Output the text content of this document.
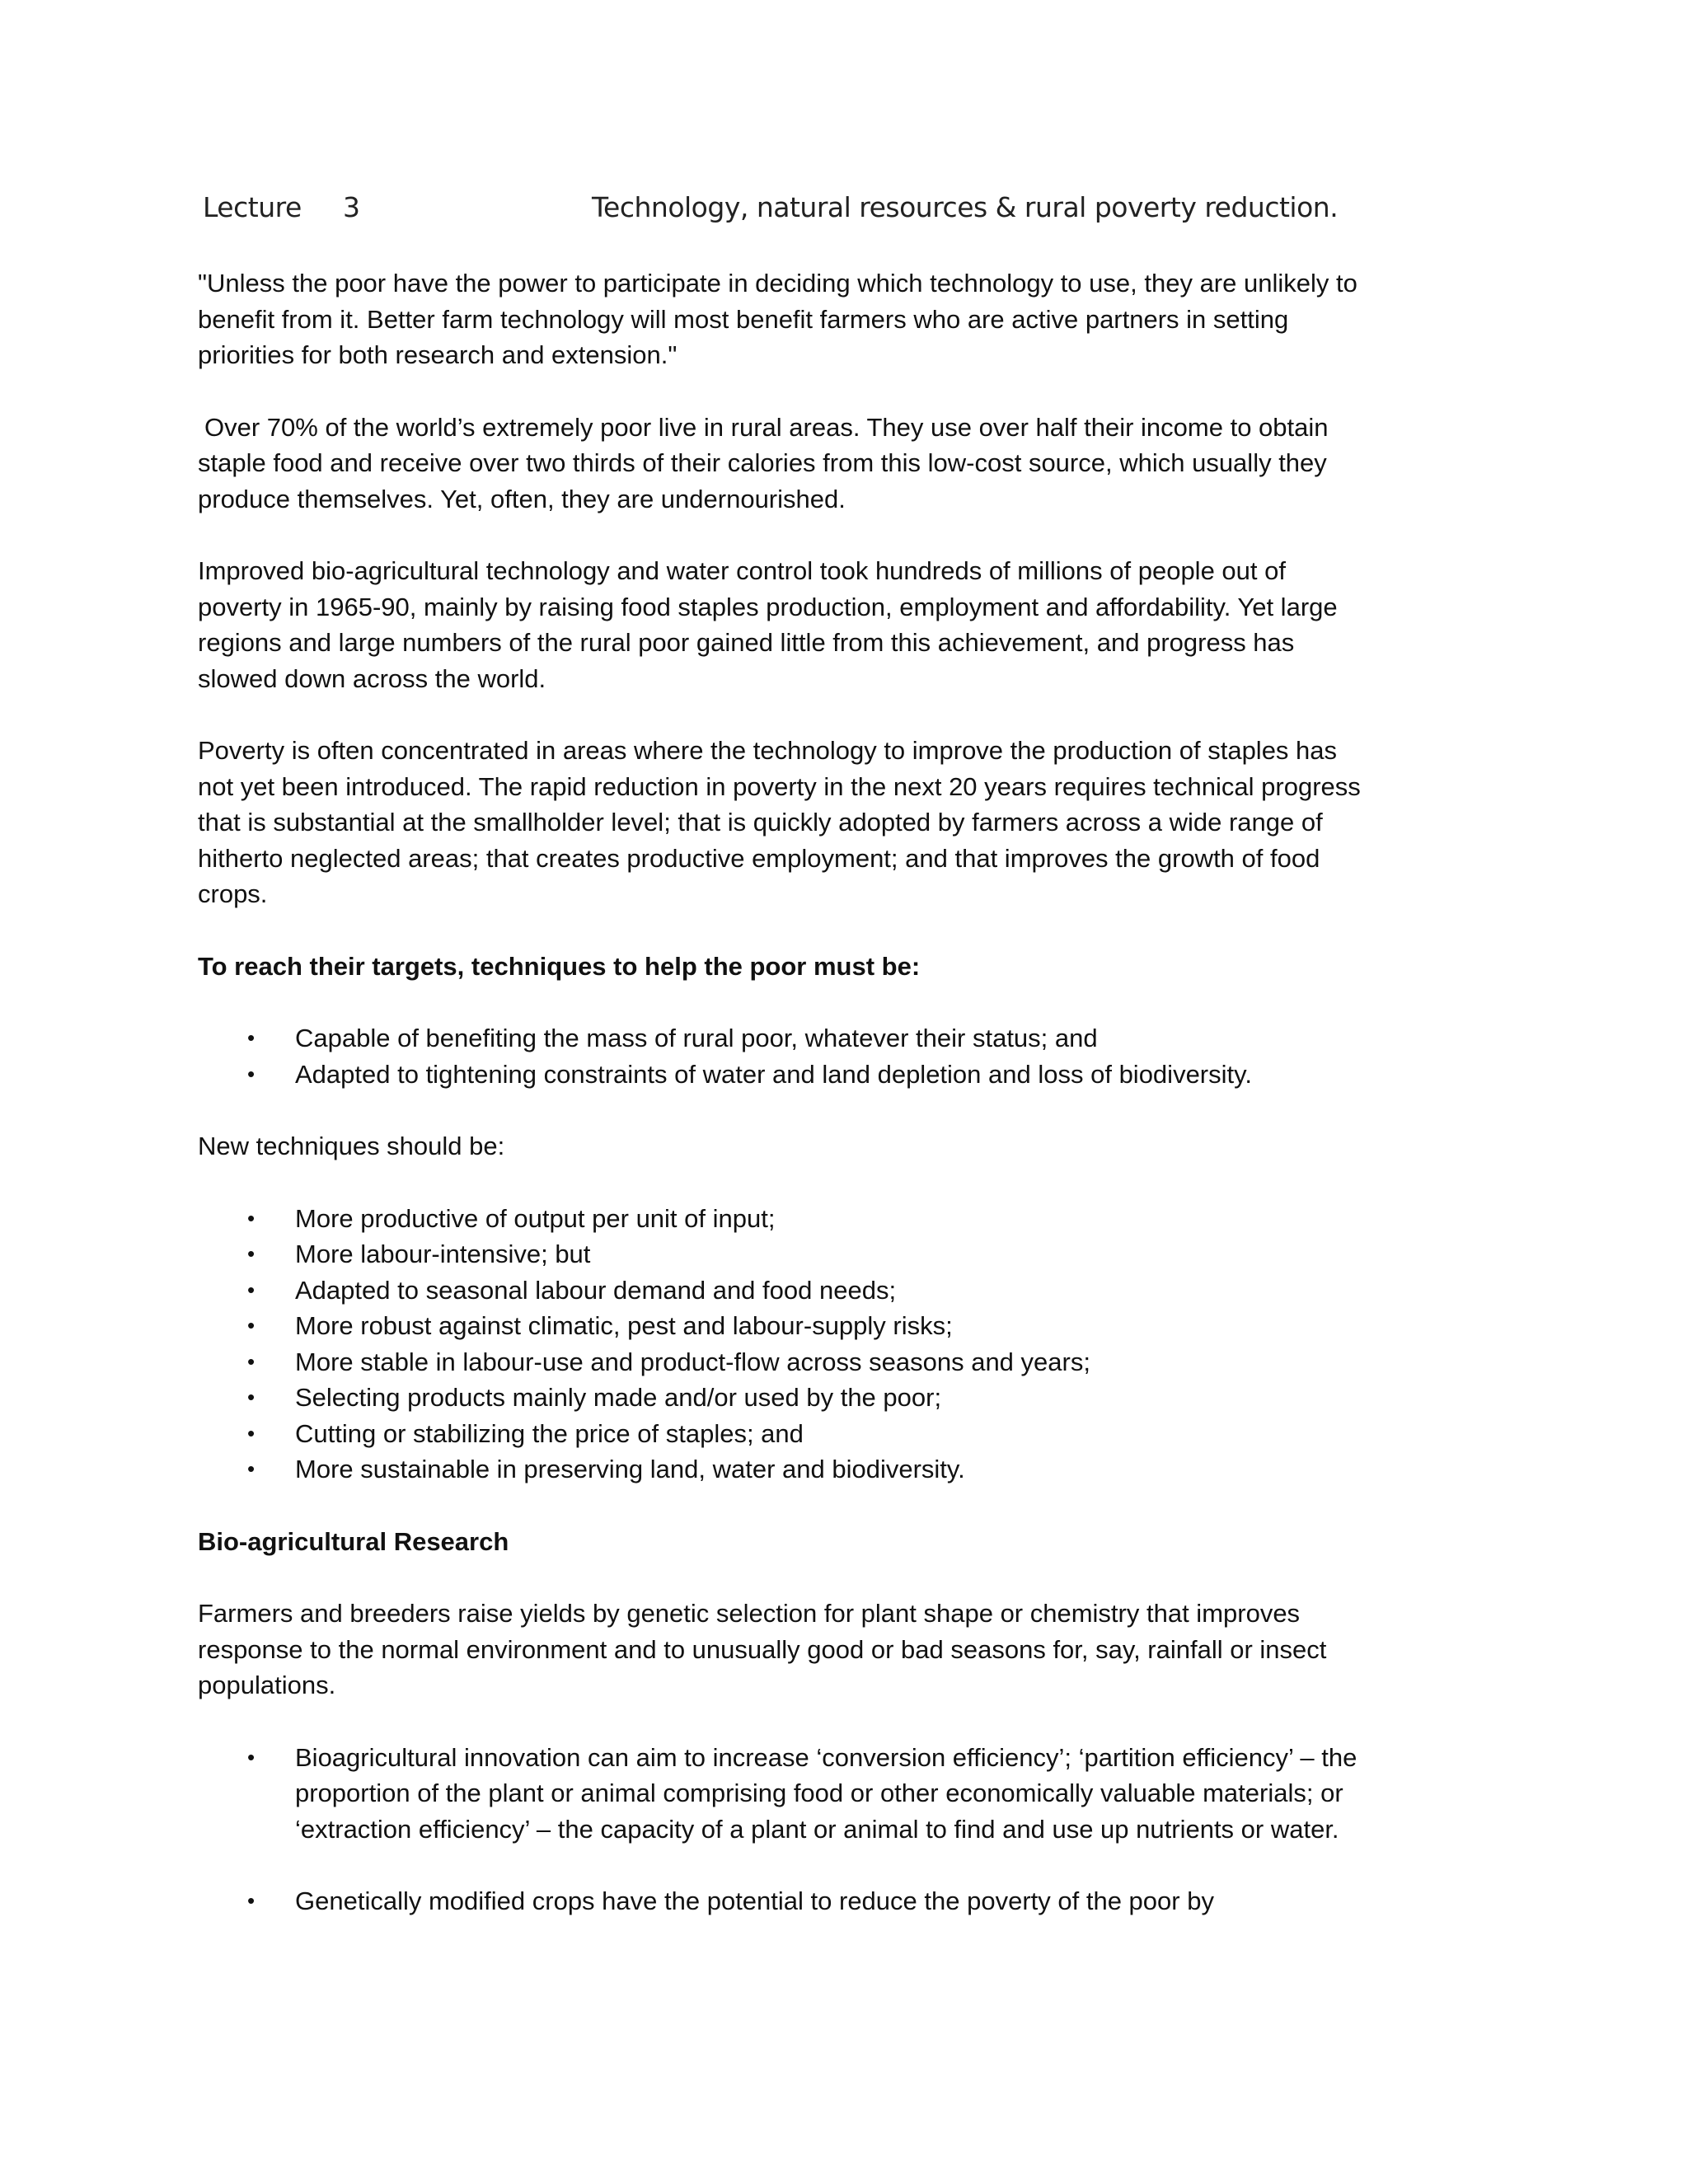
Lecture 3	Technology, natural resources & rural poverty reduction.

"Unless the poor have the power to participate in deciding which technology to use, they are unlikely to benefit from it. Better farm technology will most benefit farmers who are active partners in setting priorities for both research and extension."

Over 70% of the world’s extremely poor live in rural areas. They use over half their income to obtain staple food and receive over two thirds of their calories from this low-cost source, which usually they produce themselves. Yet, often, they are undernourished.

Improved bio-agricultural technology and water control took hundreds of millions of people out of poverty in 1965-90, mainly by raising food staples production, employment and affordability. Yet large regions and large numbers of the rural poor gained little from this achievement, and progress has slowed down across the world.

Poverty is often concentrated in areas where the technology to improve the production of staples has not yet been introduced. The rapid reduction in poverty in the next 20 years requires technical progress that is substantial at the smallholder level; that is quickly adopted by farmers across a wide range of hitherto neglected areas; that creates productive employment; and that improves the growth of food crops.

To reach their targets, techniques to help the poor must be:
• Capable of benefiting the mass of rural poor, whatever their status; and
• Adapted to tightening constraints of water and land depletion and loss of biodiversity.

New techniques should be:

• More productive of output per unit of input;
• More labour-intensive; but
• Adapted to seasonal labour demand and food needs;
• More robust against climatic, pest and labour-supply risks;
• More stable in labour-use and product-flow across seasons and years;
• Selecting products mainly made and/or used by the poor;
• Cutting or stabilizing the price of staples; and
• More sustainable in preserving land, water and biodiversity.
Bio-agricultural Research

Farmers and breeders raise yields by genetic selection for plant shape or chemistry that improves response to the normal environment and to unusually good or bad seasons for, say, rainfall or insect populations.

• Bioagricultural innovation can aim to increase ‘conversion efficiency’; ‘partition efficiency’ – the proportion of the plant or animal comprising food or other economically valuable materials; or ‘extraction efficiency’ – the capacity of a plant or animal to find and use up nutrients or water.
• Genetically modified crops have the potential to reduce the poverty of the poor by
